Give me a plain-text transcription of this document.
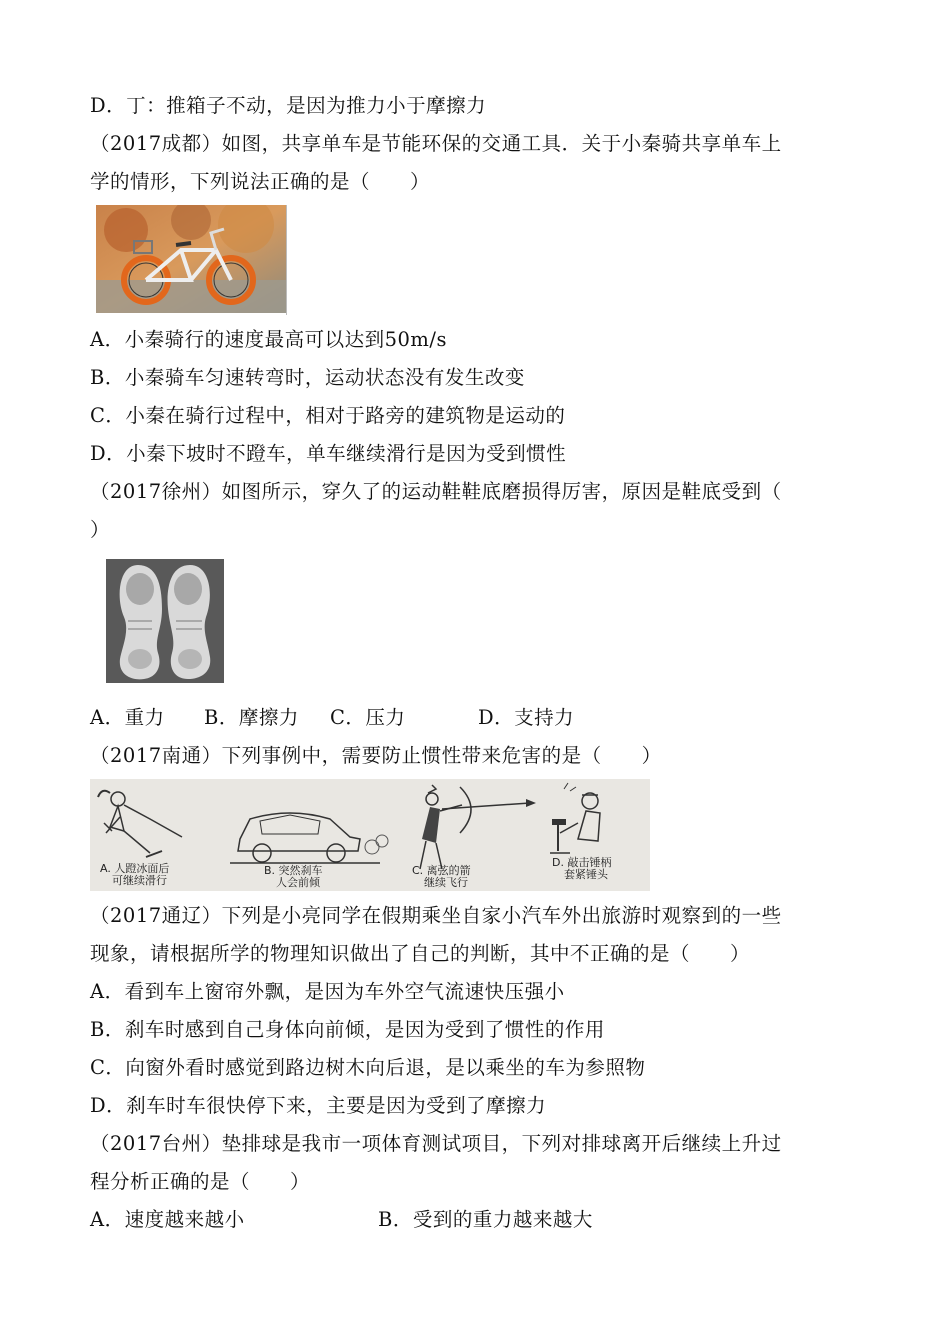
D．丁：推箱子不动，是因为推力小于摩擦力
（2017成都）如图，共享单车是节能环保的交通工具．关于小秦骑共享单车上
学的情形，下列说法正确的是（　　）
A．小秦骑行的速度最高可以达到50m/s
B．小秦骑车匀速转弯时，运动状态没有发生改变
C．小秦在骑行过程中，相对于路旁的建筑物是运动的
D．小秦下坡时不蹬车，单车继续滑行是因为受到惯性
（2017徐州）如图所示，穿久了的运动鞋鞋底磨损得厉害，原因是鞋底受到（
）
A．重力 B．摩擦力 C．压力	D．支持力
（2017南通）下列事例中，需要防止惯性带来危害的是（　　）
A. 人蹬冰面后
可继续滑行
B. 突然刹车
人会前倾
C. 离弦的箭
继续飞行
D. 敲击锤柄
套紧锤头
（2017通辽）下列是小亮同学在假期乘坐自家小汽车外出旅游时观察到的一些
现象，请根据所学的物理知识做出了自己的判断，其中不正确的是（　　）
A．看到车上窗帘外飘，是因为车外空气流速快压强小
B．刹车时感到自己身体向前倾，是因为受到了惯性的作用
C．向窗外看时感觉到路边树木向后退，是以乘坐的车为参照物
D．刹车时车很快停下来，主要是因为受到了摩擦力
（2017台州）垫排球是我市一项体育测试项目，下列对排球离开后继续上升过
程分析正确的是（　　）
A．速度越来越小	B．受到的重力越来越大
